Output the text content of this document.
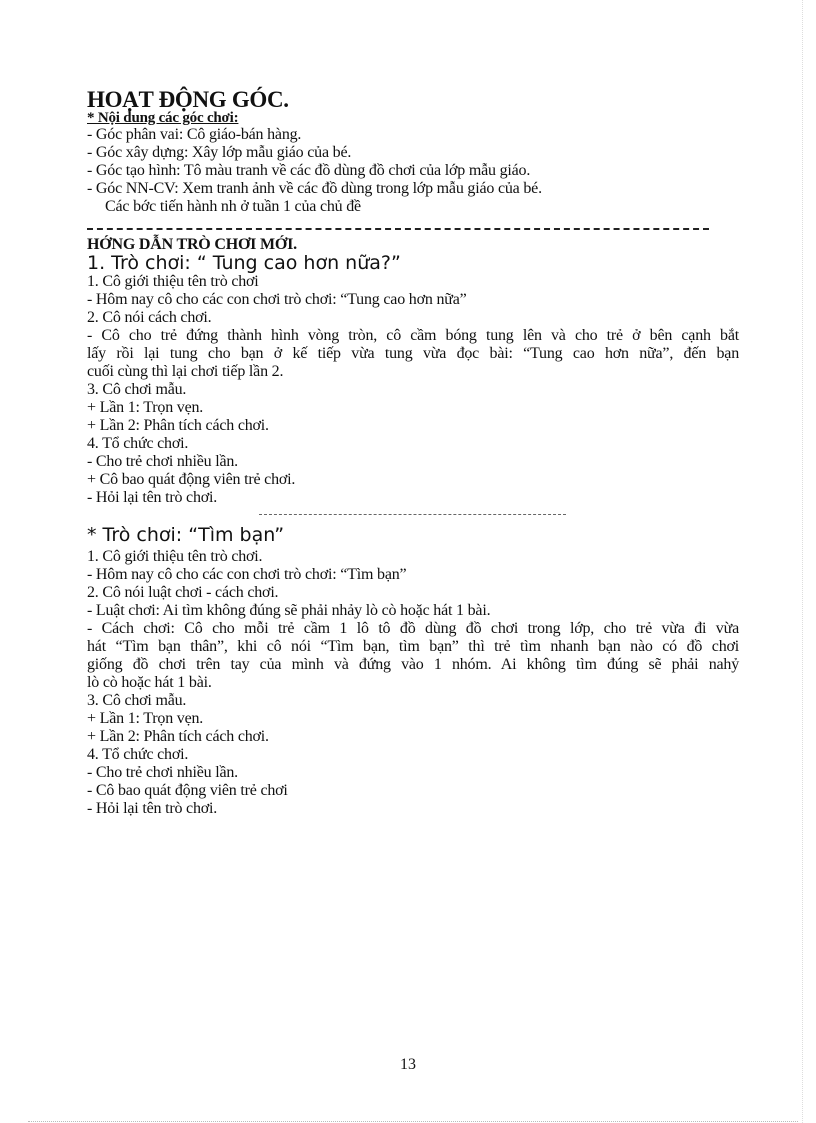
HOẠT ĐỘNG GÓC.
* Nội dung các góc chơi:
- Góc phân vai: Cô giáo-bán hàng.
- Góc xây dựng: Xây lớp mẫu giáo của bé.
- Góc tạo hình: Tô màu tranh về các đồ dùng đồ chơi của lớp mẫu giáo.
- Góc NN-CV: Xem tranh ảnh về các đồ dùng trong lớp mẫu giáo của bé.
Các bớc tiến hành nh ở tuần 1 của chủ đề
HỚNG DẪN TRÒ CHƠI MỚI.
1. Trò chơi: “ Tung cao hơn nữa?”
1. Cô giới thiệu tên trò chơi
- Hôm nay cô cho các con chơi trò chơi: “Tung cao hơn nữa”
2. Cô nói cách chơi.
- Cô cho trẻ đứng thành hình vòng tròn, cô cầm bóng tung lên và cho trẻ ở bên cạnh bắt
lấy rồi lại tung cho bạn ở kế tiếp vừa tung vừa đọc bài: “Tung cao hơn nữa”, đến bạn
cuối cùng thì lại chơi tiếp lần 2.
3. Cô chơi mẫu.
+ Lần 1: Trọn vẹn.
+ Lần 2: Phân tích cách chơi.
4. Tổ chức chơi.
- Cho trẻ chơi nhiều lần.
+ Cô bao quát động viên trẻ chơi.
- Hỏi lại tên trò chơi.
* Trò chơi: “Tìm bạn”
1. Cô giới thiệu tên trò chơi.
- Hôm nay cô cho các con chơi trò chơi: “Tìm bạn”
2. Cô nói luật chơi - cách chơi.
- Luật chơi: Ai tìm không đúng sẽ phải nhảy lò cò hoặc hát 1 bài.
- Cách chơi: Cô cho mỗi trẻ cầm 1 lô tô đồ dùng đồ chơi trong lớp, cho trẻ vừa đi vừa
hát “Tìm bạn thân”, khi cô nói “Tìm bạn, tìm bạn” thì trẻ tìm nhanh bạn nào có đồ chơi
giống đồ chơi trên tay của mình và đứng vào 1 nhóm. Ai không tìm đúng sẽ phải nahỷ
lò cò hoặc hát 1 bài.
3. Cô chơi mẫu.
+ Lần 1: Trọn vẹn.
+ Lần 2: Phân tích cách chơi.
4. Tổ chức chơi.
- Cho trẻ chơi nhiều lần.
- Cô bao quát động viên trẻ chơi
- Hỏi lại tên trò chơi.
13
